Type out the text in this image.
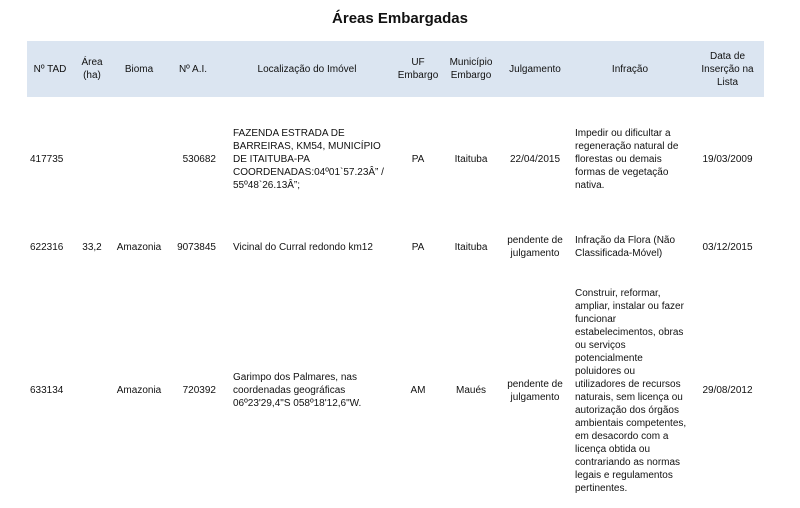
Áreas Embargadas
Nº TAD	Área (ha)	Bioma	Nº A.I.	Localização do Imóvel	UF Embargo	Município Embargo	Julgamento	Infração	Data de Inserção na Lista
417735			530682	FAZENDA ESTRADA DE BARREIRAS, KM54, MUNICÍPIO DE ITAITUBA-PA COORDENADAS:04º01`57.23Â” / 55º48`26.13Â”;	PA	Itaituba	22/04/2015	Impedir ou dificultar a regeneração natural de florestas ou demais formas de vegetação nativa.	19/03/2009
622316	33,2	Amazonia	9073845	Vicinal do Curral redondo km12	PA	Itaituba	pendente de julgamento	Infração da Flora (Não Classificada-Móvel)	03/12/2015
633134		Amazonia	720392	Garimpo dos Palmares, nas coordenadas geográficas 06º23'29,4"S 058º18'12,6"W.	AM	Maués	pendente de julgamento	Construir, reformar, ampliar, instalar ou fazer funcionar estabelecimentos, obras ou serviços potencialmente poluidores ou utilizadores de recursos naturais, sem licença ou autorização dos órgãos ambientais competentes, em desacordo com a licença obtida ou contrariando as normas legais e regulamentos pertinentes.	29/08/2012
